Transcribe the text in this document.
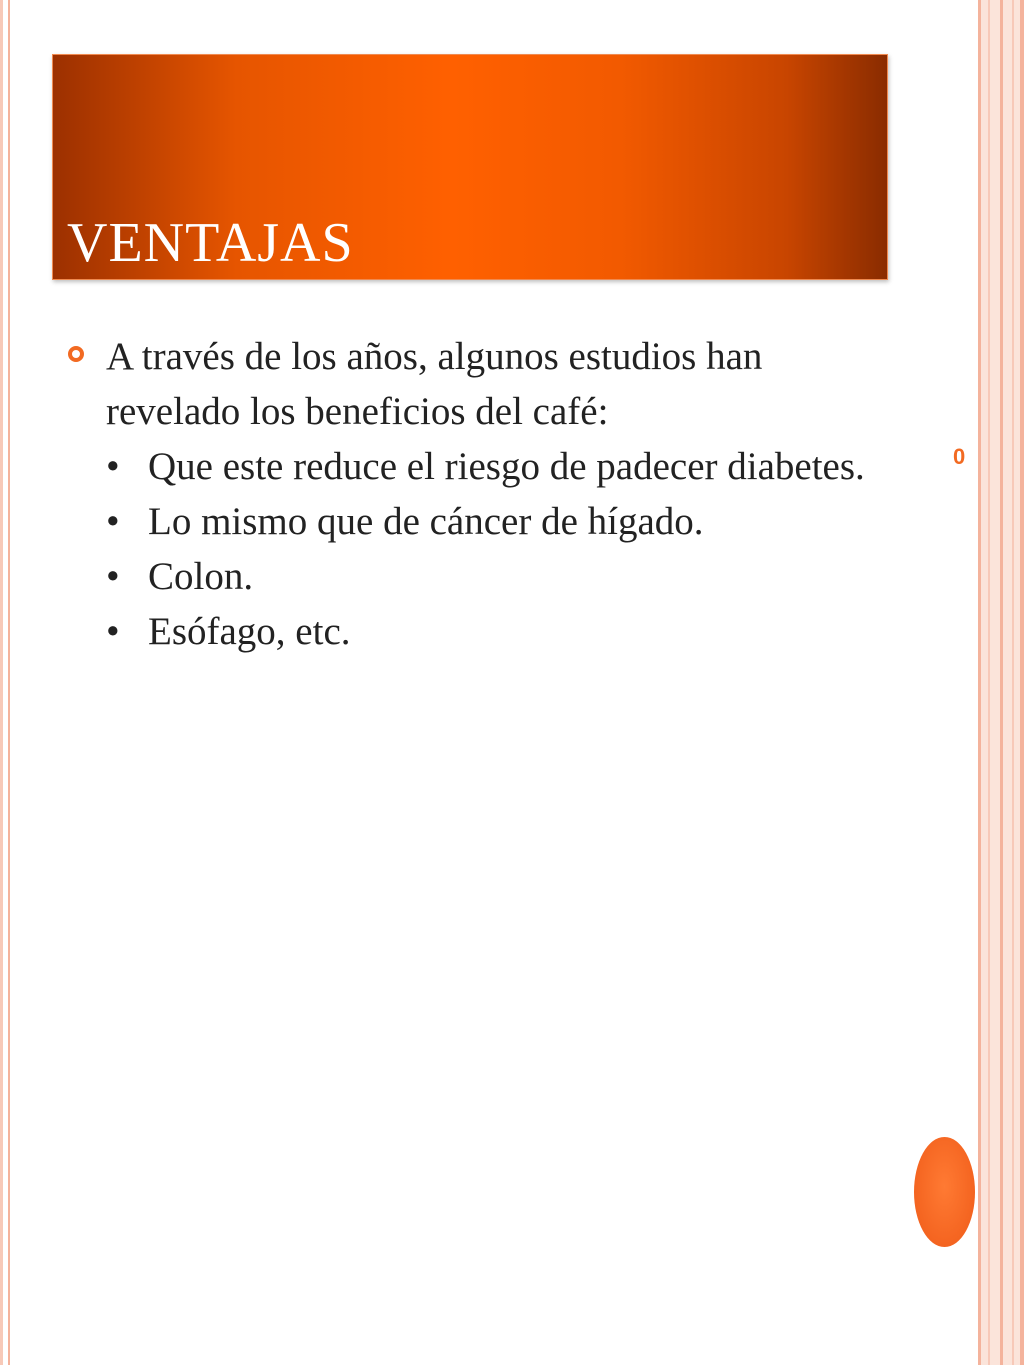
VENTAJAS

A través de los años, algunos estudios han revelado los beneficios del café:

• Que este reduce el riesgo de padecer diabetes.

• Lo mismo que de cáncer de hígado.

• Colon.

• Esófago, etc.

0
